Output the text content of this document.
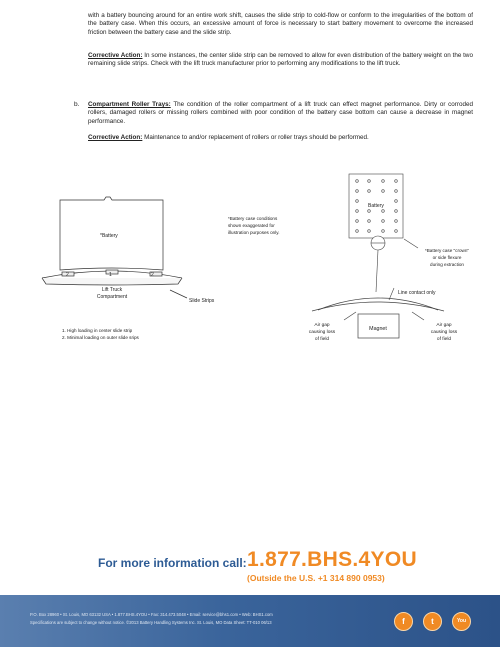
with a battery bouncing around for an entire work shift, causes the slide strip to cold-flow or conform to the irregularities of the bottom of the battery case. When this occurs, an excessive amount of force is necessary to start battery movement to overcome the increased friction between the battery case and the slide strip.
Corrective Action: In some instances, the center slide strip can be removed to allow for even distribution of the battery weight on the two remaining slide strips. Check with the lift truck manufacturer prior to performing any modifications to the lift truck.
b. Compartment Roller Trays: The condition of the roller compartment of a lift truck can effect magnet performance. Dirty or corroded rollers, damaged rollers or missing rollers combined with poor condition of the battery case bottom can cause a decrease in magnet performance.
Corrective Action: Maintenance to and/or replacement of rollers or roller trays should be performed.
*Battery
2	1	2
Lift Truck
Compartment
Slide Strips
1. High loading in center slide strip
2. Minimal loading on outer slide srips
*Battery case conditions
shown exaggerated for
illustration purposes only.
Battery
*Battery case "crown"
or side flexure
during extraction
Line contact only
Air gap
causing loss
of field
Magnet
Air gap
causing loss
of field
For more information call: 1.877.BHS.4YOU
(Outside the U.S. +1 314 890 0953)
P.O. Box 28960 • St. Louis, MO 63132 USA • 1.877.BHS.4YOU • Fax: 314.473.5048 • Email: service@bhs1.com • Web: BHS1.com
Specifications are subject to change without notice. ©2013 Battery Handling Systems Inc. St. Louis, MO Data Sheet: TT-010 06/13	f	t	You
